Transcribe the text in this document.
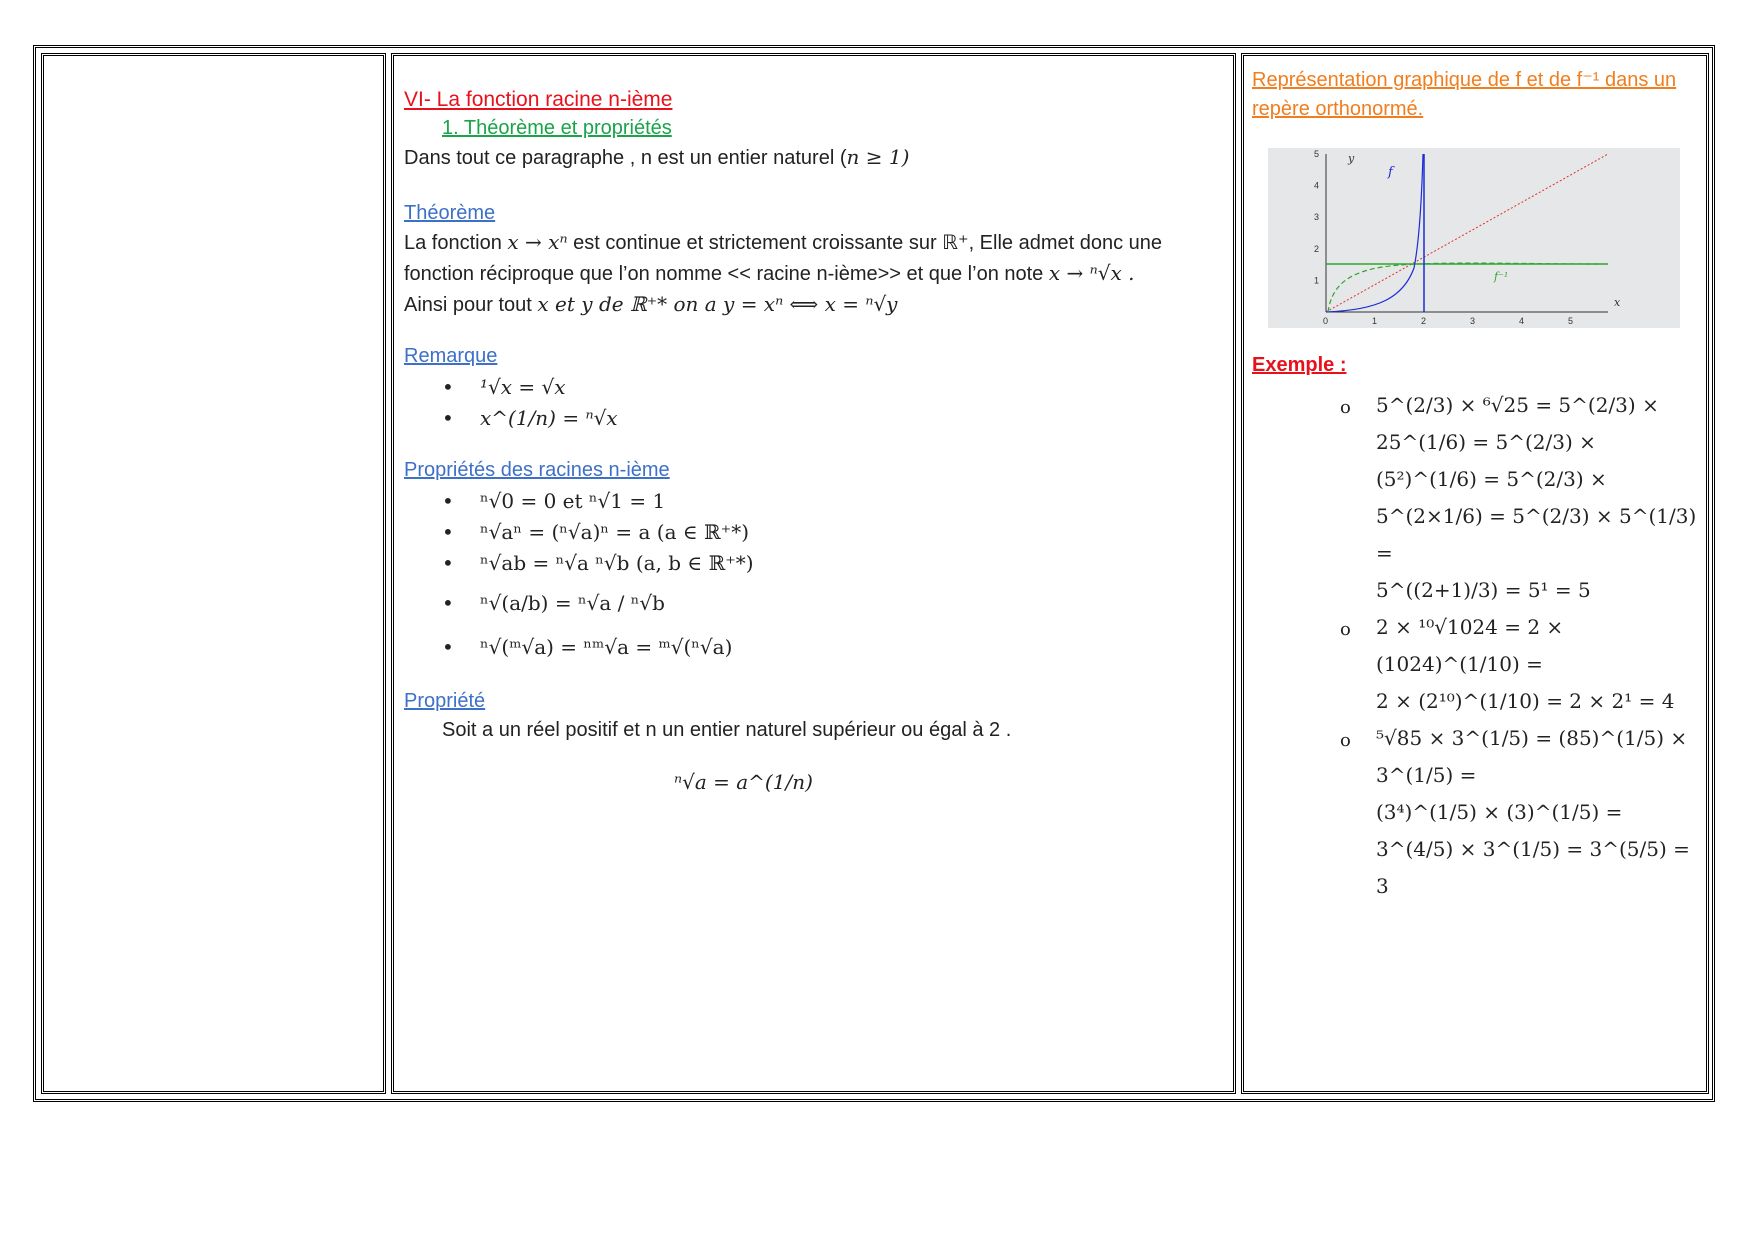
VI- La fonction racine n-ième

1. Théorème et propriétés

Dans tout ce paragraphe , n est un entier naturel (n ≥ 1)

Théorème

La fonction x → xⁿ est continue et strictement croissante sur ℝ⁺, Elle admet donc une

fonction réciproque que l’on nomme << racine n-ième>> et que l’on note x → ⁿ√x .

Ainsi pour tout x et y de ℝ⁺* on a y = xⁿ ⟺ x = ⁿ√y

Remarque
• ¹√x = √x
• x^(1/n) = ⁿ√x
Propriétés des racines n-ième
• ⁿ√0 = 0 et ⁿ√1 = 1
• ⁿ√aⁿ = (ⁿ√a)ⁿ = a (a ∈ ℝ⁺*)
• ⁿ√ab = ⁿ√a ⁿ√b (a, b ∈ ℝ⁺*)
• ⁿ√(a/b) = ⁿ√a / ⁿ√b
• ⁿ√(ᵐ√a) = ⁿᵐ√a = ᵐ√(ⁿ√a)
Propriété

Soit a un réel positif et n un entier naturel supérieur ou égal à 2 .

ⁿ√a = a^(1/n)

Représentation graphique de f et de f⁻¹ dans un repère orthonormé.
0	1	2	3	4	5
1
2
3
4
5
f
f⁻¹
y
x
Exemple :
o 5^(2/3) × ⁶√25 = 5^(2/3) × 25^(1/6) = 5^(2/3) ×
(5²)^(1/6) = 5^(2/3) × 5^(2×1/6) = 5^(2/3) × 5^(1/3) =
5^((2+1)/3) = 5¹ = 5
o 2 × ¹⁰√1024 = 2 × (1024)^(1/10) =
2 × (2¹⁰)^(1/10) = 2 × 2¹ = 4
o ⁵√85 × 3^(1/5) = (85)^(1/5) × 3^(1/5) =
(3⁴)^(1/5) × (3)^(1/5) = 3^(4/5) × 3^(1/5) = 3^(5/5) = 3
